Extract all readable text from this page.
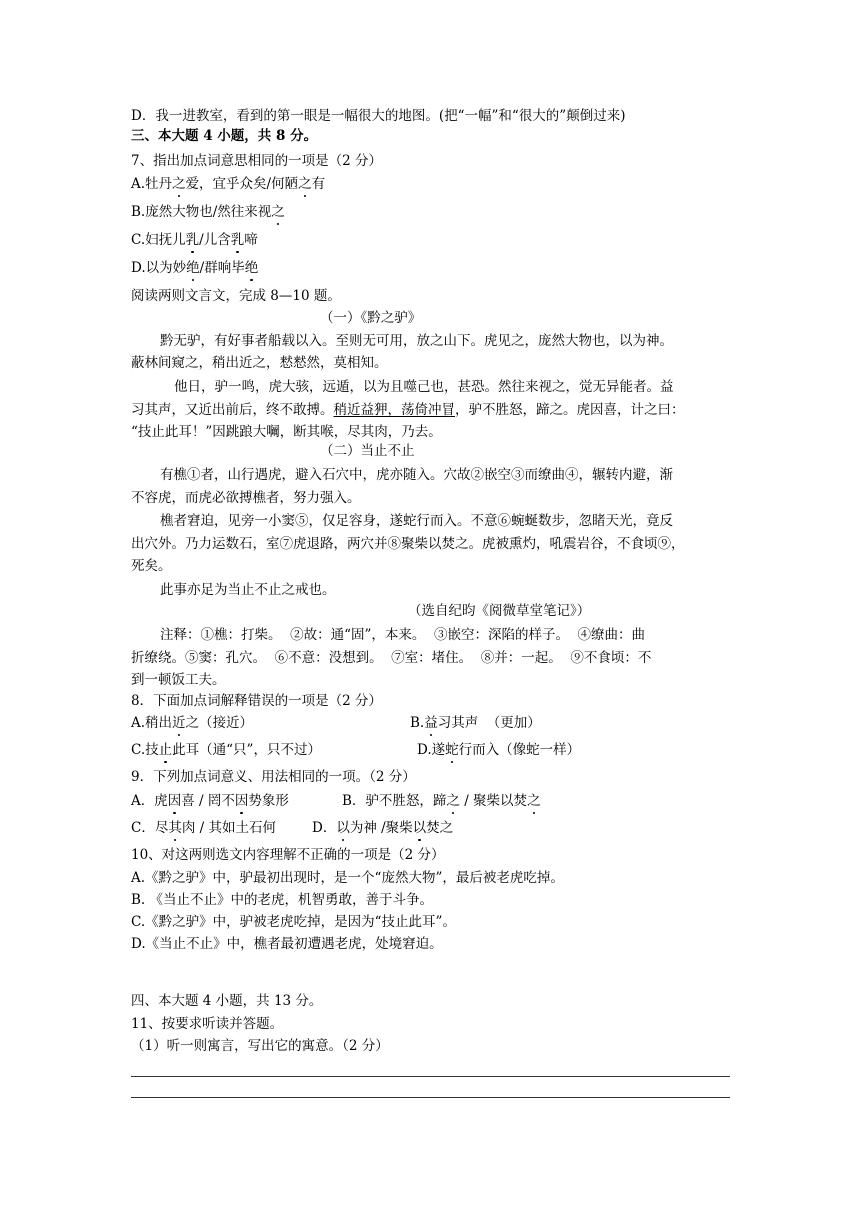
D．我一进教室，看到的第一眼是一幅很大的地图。(把“一幅”和“很大的”颠倒过来)
三、本大题 4 小题，共 8 分。
7、指出加点词意思相同的一项是（2 分）
A.牡丹之爱，宜乎众矣/何陋之有
B.庞然大物也/然往来视之
C.妇抚儿乳/儿含乳啼
D.以为妙绝/群响毕绝
阅读两则文言文，完成 8—10 题。
（一）《黔之驴》
黔无驴，有好事者船载以入。至则无可用，放之山下。虎见之，庞然大物也，以为神。
蔽林间窥之，稍出近之，慭慭然，莫相知。
他日，驴一鸣，虎大骇，远遁，以为且噬己也，甚恐。然往来视之，觉无异能者。益
习其声，又近出前后，终不敢搏。稍近益狎，荡倚冲冒，驴不胜怒，蹄之。虎因喜，计之曰：
“技止此耳！”因跳踉大㘎，断其喉，尽其肉，乃去。
（二）当止不止
有樵①者，山行遇虎，避入石穴中，虎亦随入。穴故②嵌空③而缭曲④，辗转内避，渐
不容虎，而虎必欲搏樵者，努力强入。
樵者窘迫，见旁一小窦⑤，仅足容身，遂蛇行而入。不意⑥蜿蜒数步，忽睹天光，竟反
出穴外。乃力运数石，室⑦虎退路，两穴并⑧聚柴以焚之。虎被熏灼，吼震岩谷，不食顷⑨，
死矣。
此事亦足为当止不止之戒也。
（选自纪昀《阅微草堂笔记》）
注释：①樵：打柴。  ②故：通“固”，本来。  ③嵌空：深陷的样子。  ④缭曲：曲
折缭绕。⑤窦：孔穴。  ⑥不意：没想到。  ⑦室：堵住。  ⑧并：一起。  ⑨不食顷：不
到一顿饭工夫。
8．下面加点词解释错误的一项是（2 分）
A.稍出近之（接近）	B.益习其声  （更加）
C.技止此耳（通“只”，只不过）	D.遂蛇行而入（像蛇一样）
9．下列加点词意义、用法相同的一项。（2 分）
A．虎因喜 / 罔不因势象形	B．驴不胜怒，蹄之 / 聚柴以焚之
C．尽其肉 / 其如土石何	D．以为神 /聚柴以焚之
10、对这两则选文内容理解不正确的一项是（2 分）
A.《黔之驴》中，驴最初出现时，是一个“庞然大物”，最后被老虎吃掉。
B. 《当止不止》中的老虎，机智勇敢，善于斗争。
C.《黔之驴》中，驴被老虎吃掉，是因为“技止此耳”。
D.《当止不止》中，樵者最初遭遇老虎，处境窘迫。
四、本大题 4 小题，共 13 分。
11、按要求听读并答题。
（1）听一则寓言，写出它的寓意。（2 分）
